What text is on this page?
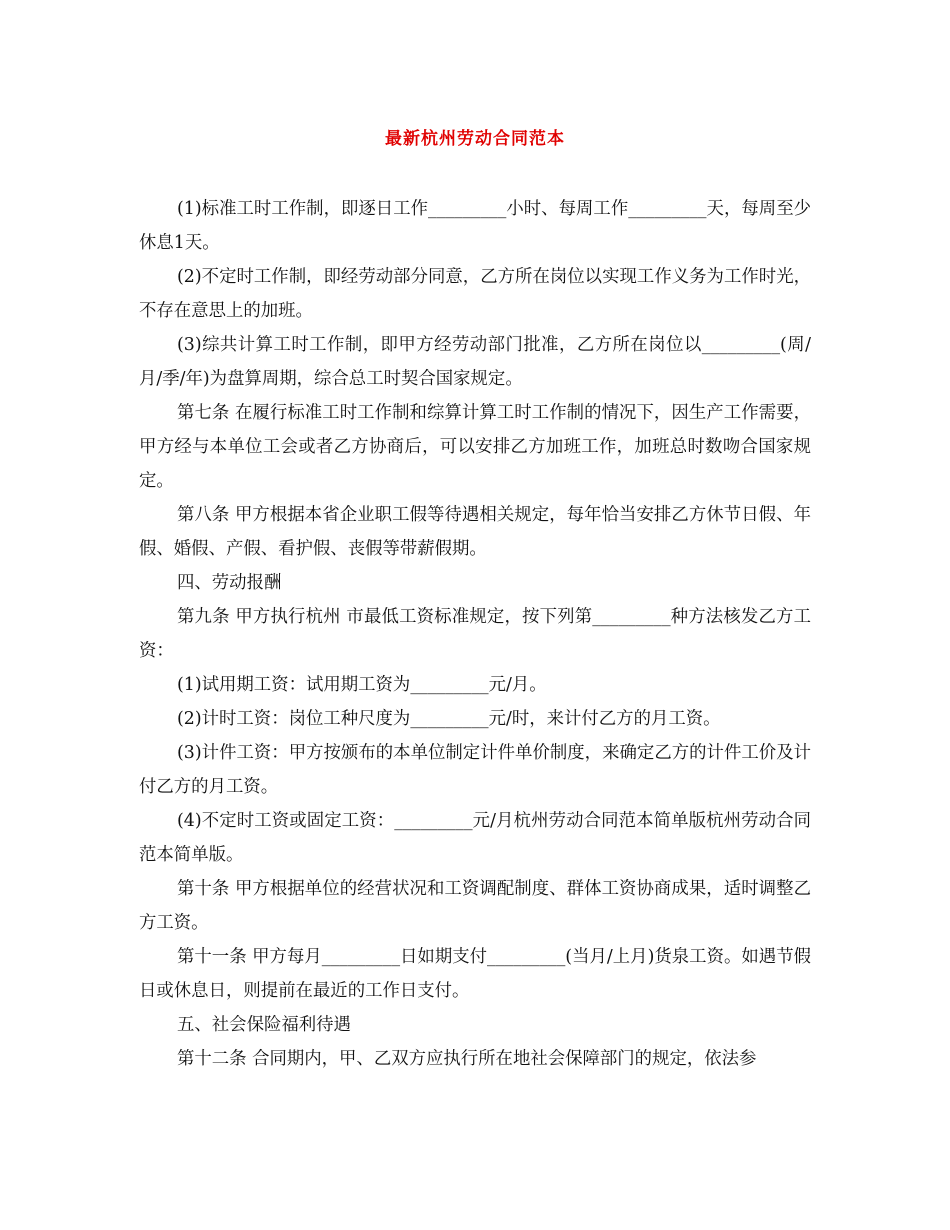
最新杭州劳动合同范本

(1)标准工时工作制，即逐日工作_________小时、每周工作_________天，每周至少休息1天。

(2)不定时工作制，即经劳动部分同意，乙方所在岗位以实现工作义务为工作时光，不存在意思上的加班。

(3)综共计算工时工作制，即甲方经劳动部门批准，乙方所在岗位以_________(周/月/季/年)为盘算周期，综合总工时契合国家规定。

第七条 在履行标准工时工作制和综算计算工时工作制的情况下，因生产工作需要，甲方经与本单位工会或者乙方协商后，可以安排乙方加班工作，加班总时数吻合国家规定。

第八条 甲方根据本省企业职工假等待遇相关规定，每年恰当安排乙方休节日假、年假、婚假、产假、看护假、丧假等带薪假期。

四、劳动报酬

第九条 甲方执行杭州 市最低工资标准规定，按下列第_________种方法核发乙方工资：

(1)试用期工资：试用期工资为_________元/月。

(2)计时工资：岗位工种尺度为_________元/时，来计付乙方的月工资。

(3)计件工资：甲方按颁布的本单位制定计件单价制度，来确定乙方的计件工价及计付乙方的月工资。

(4)不定时工资或固定工资：_________元/月杭州劳动合同范本简单版杭州劳动合同范本简单版。

第十条 甲方根据单位的经营状况和工资调配制度、群体工资协商成果，适时调整乙方工资。

第十一条 甲方每月_________日如期支付_________(当月/上月)货泉工资。如遇节假日或休息日，则提前在最近的工作日支付。

五、社会保险福利待遇

第十二条 合同期内，甲、乙双方应执行所在地社会保障部门的规定，依法参
